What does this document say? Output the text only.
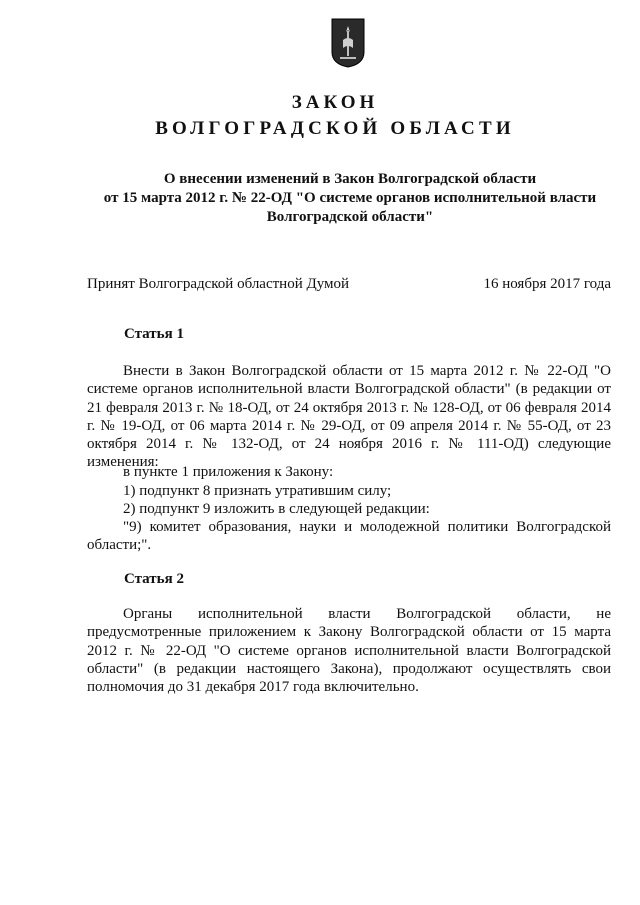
ЗАКОН
ВОЛГОГРАДСКОЙ ОБЛАСТИ
О внесении изменений в Закон Волгоградской области
от 15 марта 2012 г. № 22-ОД "О системе органов исполнительной власти
Волгоградской области"
Принят Волгоградской областной Думой	16 ноября 2017 года
Статья 1

Внести в Закон Волгоградской области от 15 марта 2012 г. № 22-ОД "О системе органов исполнительной власти Волгоградской области" (в редакции от 21 февраля 2013 г. № 18-ОД, от 24 октября 2013 г. № 128-ОД, от 06 февраля 2014 г. № 19-ОД, от 06 марта 2014 г. № 29-ОД, от 09 апреля 2014 г. № 55-ОД, от 23 октября 2014 г. № 132-ОД, от 24 ноября 2016 г. № 111-ОД) следующие изменения:

в пункте 1 приложения к Закону:
1) подпункт 8 признать утратившим силу;
2) подпункт 9 изложить в следующей редакции:

"9) комитет образования, науки и молодежной политики Волгоградской области;".

Статья 2

Органы исполнительной власти Волгоградской области, не предусмотренные приложением к Закону Волгоградской области от 15 марта 2012 г. № 22-ОД "О системе органов исполнительной власти Волгоградской области" (в редакции настоящего Закона), продолжают осуществлять свои полномочия до 31 декабря 2017 года включительно.
